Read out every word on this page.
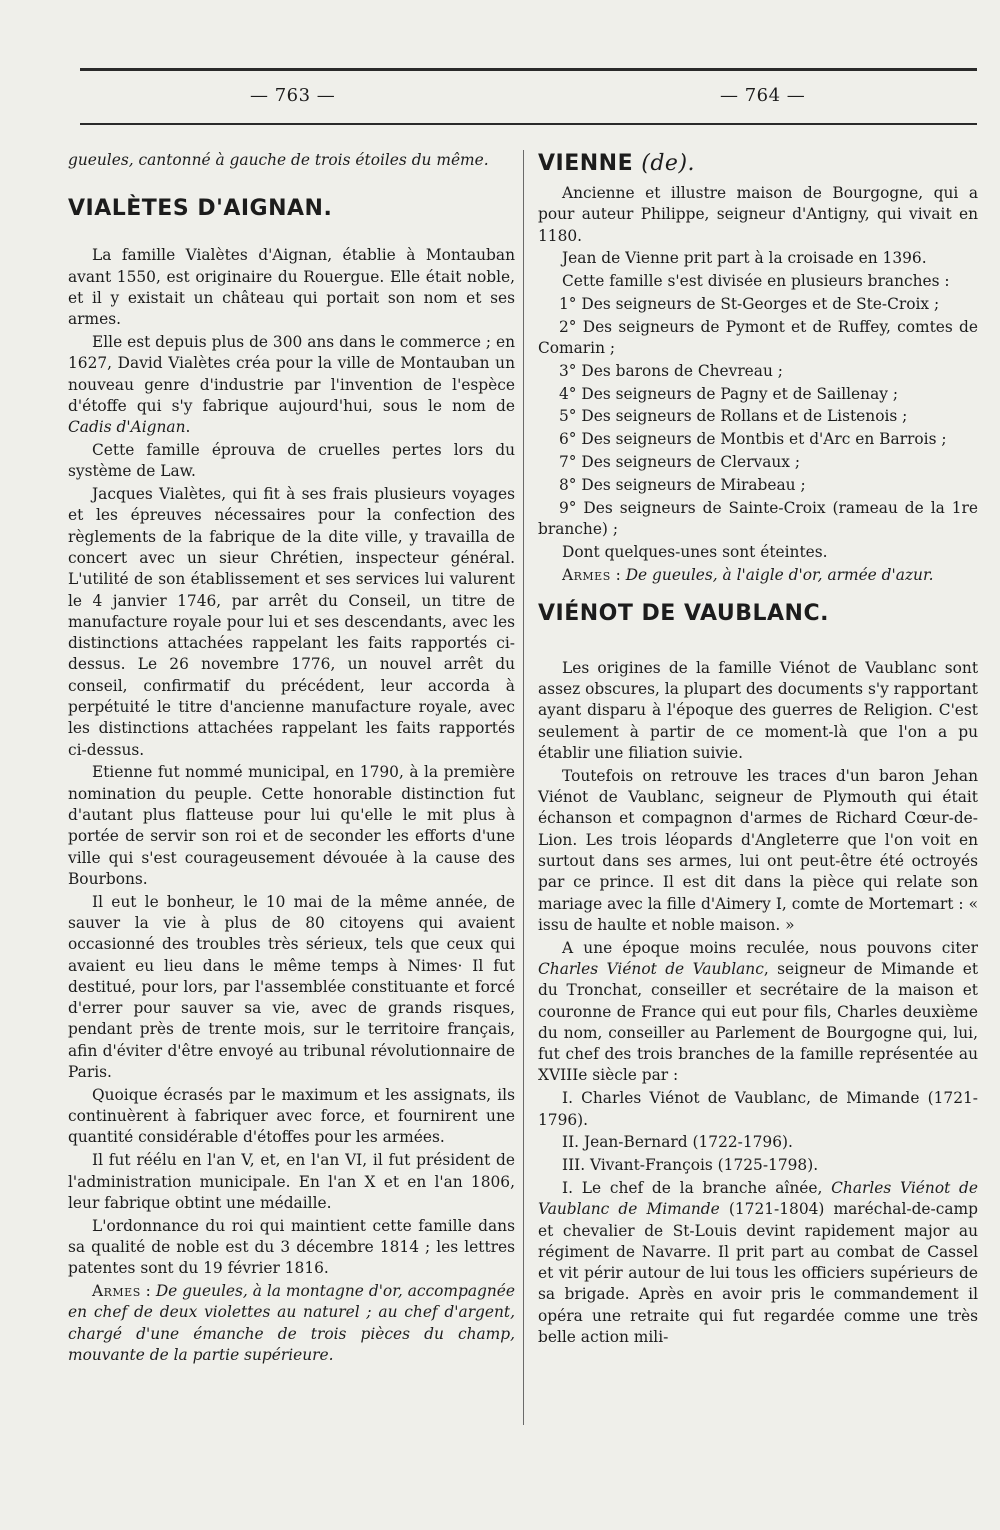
— 763 —	— 764 —

gueules, cantonné à gauche de trois étoiles du même.

VIALÈTES D'AIGNAN.

La famille Vialètes d'Aignan, établie à Montauban avant 1550, est originaire du Rouergue. Elle était noble, et il y existait un château qui portait son nom et ses armes.

Elle est depuis plus de 300 ans dans le commerce ; en 1627, David Vialètes créa pour la ville de Montauban un nouveau genre d'industrie par l'invention de l'espèce d'étoffe qui s'y fabrique aujourd'hui, sous le nom de Cadis d'Aignan.

Cette famille éprouva de cruelles pertes lors du système de Law.

Jacques Vialètes, qui fit à ses frais plusieurs voyages et les épreuves nécessaires pour la confection des règlements de la fabrique de la dite ville, y travailla de concert avec un sieur Chrétien, inspecteur général. L'utilité de son établissement et ses services lui valurent le 4 janvier 1746, par arrêt du Conseil, un titre de manufacture royale pour lui et ses descendants, avec les distinctions attachées rappelant les faits rapportés ci-dessus. Le 26 novembre 1776, un nouvel arrêt du conseil, confirmatif du précédent, leur accorda à perpétuité le titre d'ancienne manufacture royale, avec les distinctions attachées rappelant les faits rapportés ci-dessus.

Etienne fut nommé municipal, en 1790, à la première nomination du peuple. Cette honorable distinction fut d'autant plus flatteuse pour lui qu'elle le mit plus à portée de servir son roi et de seconder les efforts d'une ville qui s'est courageusement dévouée à la cause des Bourbons.

Il eut le bonheur, le 10 mai de la même année, de sauver la vie à plus de 80 citoyens qui avaient occasionné des troubles très sérieux, tels que ceux qui avaient eu lieu dans le même temps à Nimes· Il fut destitué, pour lors, par l'assemblée constituante et forcé d'errer pour sauver sa vie, avec de grands risques, pendant près de trente mois, sur le territoire français, afin d'éviter d'être envoyé au tribunal révolutionnaire de Paris.

Quoique écrasés par le maximum et les assignats, ils continuèrent à fabriquer avec force, et fournirent une quantité considérable d'étoffes pour les armées.

Il fut réélu en l'an V, et, en l'an VI, il fut président de l'administration municipale. En l'an X et en l'an 1806, leur fabrique obtint une médaille.

L'ordonnance du roi qui maintient cette famille dans sa qualité de noble est du 3 décembre 1814 ; les lettres patentes sont du 19 février 1816.

Armes : De gueules, à la montagne d'or, accompagnée en chef de deux violettes au naturel ; au chef d'argent, chargé d'une émanche de trois pièces du champ, mouvante de la partie supérieure.

VIENNE (de).

Ancienne et illustre maison de Bourgogne, qui a pour auteur Philippe, seigneur d'Antigny, qui vivait en 1180.

Jean de Vienne prit part à la croisade en 1396.

Cette famille s'est divisée en plusieurs branches :

1° Des seigneurs de St-Georges et de Ste-Croix ;

2° Des seigneurs de Pymont et de Ruffey, comtes de Comarin ;

3° Des barons de Chevreau ;

4° Des seigneurs de Pagny et de Saillenay ;

5° Des seigneurs de Rollans et de Listenois ;

6° Des seigneurs de Montbis et d'Arc en Barrois ;

7° Des seigneurs de Clervaux ;

8° Des seigneurs de Mirabeau ;

9° Des seigneurs de Sainte-Croix (rameau de la 1re branche) ;

Dont quelques-unes sont éteintes.

Armes : De gueules, à l'aigle d'or, armée d'azur.

VIÉNOT DE VAUBLANC.

Les origines de la famille Viénot de Vaublanc sont assez obscures, la plupart des documents s'y rapportant ayant disparu à l'époque des guerres de Religion. C'est seulement à partir de ce moment-là que l'on a pu établir une filiation suivie.

Toutefois on retrouve les traces d'un baron Jehan Viénot de Vaublanc, seigneur de Plymouth qui était échanson et compagnon d'armes de Richard Cœur-de-Lion. Les trois léopards d'Angleterre que l'on voit en surtout dans ses armes, lui ont peut-être été octroyés par ce prince. Il est dit dans la pièce qui relate son mariage avec la fille d'Aimery I, comte de Mortemart : « issu de haulte et noble maison. »

A une époque moins reculée, nous pouvons citer Charles Viénot de Vaublanc, seigneur de Mimande et du Tronchat, conseiller et secrétaire de la maison et couronne de France qui eut pour fils, Charles deuxième du nom, conseiller au Parlement de Bourgogne qui, lui, fut chef des trois branches de la famille représentée au XVIIIe siècle par :

I. Charles Viénot de Vaublanc, de Mimande (1721-1796).

II. Jean-Bernard (1722-1796).

III. Vivant-François (1725-1798).

I. Le chef de la branche aînée, Charles Viénot de Vaublanc de Mimande (1721-1804) maréchal-de-camp et chevalier de St-Louis devint rapidement major au régiment de Navarre. Il prit part au combat de Cassel et vit périr autour de lui tous les officiers supérieurs de sa brigade. Après en avoir pris le commandement il opéra une retraite qui fut regardée comme une très belle action mili-
